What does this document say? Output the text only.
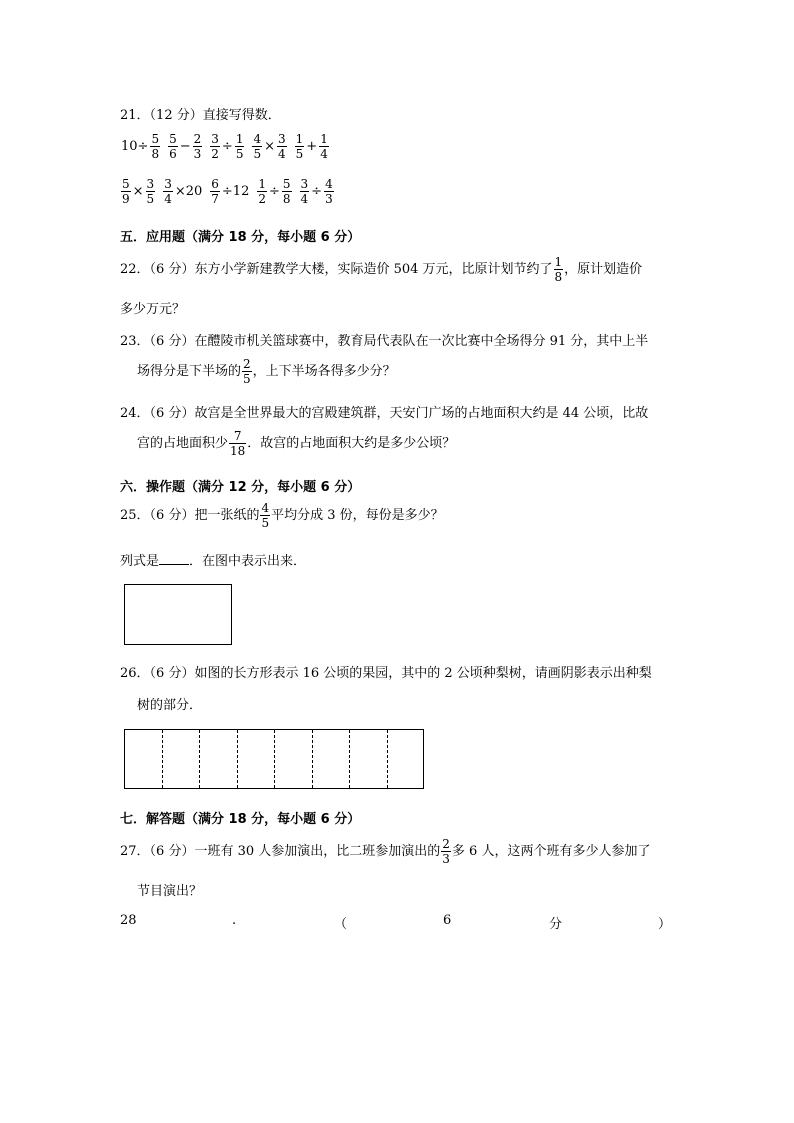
21．（12 分）直接写得数．
$10\div \frac{5}{8} \frac{5}{6} - \frac{2}{3} \frac{3}{2} \div \frac{1}{5} \frac{4}{5} \times \frac{3}{4} \frac{1}{5} + \frac{1}{4}$
$\frac{5}{9} \times \frac{3}{5} \frac{3}{4} \times 20 \frac{6}{7} \div 12 \frac{1}{2} \div \frac{5}{8} \frac{3}{4} \div \frac{4}{3}$
五．应用题（满分 18 分，每小题 6 分）
22．（6 分）东方小学新建教学大楼，实际造价 504 万元，比原计划节约了 $\frac{1}{8}$ ，原计划造价
多少万元？
23．（6 分）在醴陵市机关篮球赛中，教育局代表队在一次比赛中全场得分 91 分，其中上半
场得分是下半场的 $\frac{2}{5}$ ，上下半场各得多少分？
24．（6 分）故宫是全世界最大的宫殿建筑群，天安门广场的占地面积大约是 44 公顷，比故
宫的占地面积少 $\frac{7}{18}$ ．故宫的占地面积大约是多少公顷？
六．操作题（满分 12 分，每小题 6 分）
25．（6 分）把一张纸的 $\frac{4}{5}$ 平均分成 3 份，每份是多少？
列式是 ．在图中表示出来．
26．（6 分）如图的长方形表示 16 公顷的果园，其中的 2 公顷种梨树，请画阴影表示出种梨
树的部分．
七．解答题（满分 18 分，每小题 6 分）
27．（6 分）一班有 30 人参加演出，比二班参加演出的 $\frac{2}{3}$ 多 6 人，这两个班有多少人参加了
节目演出？
28	.	（	6	分	）
